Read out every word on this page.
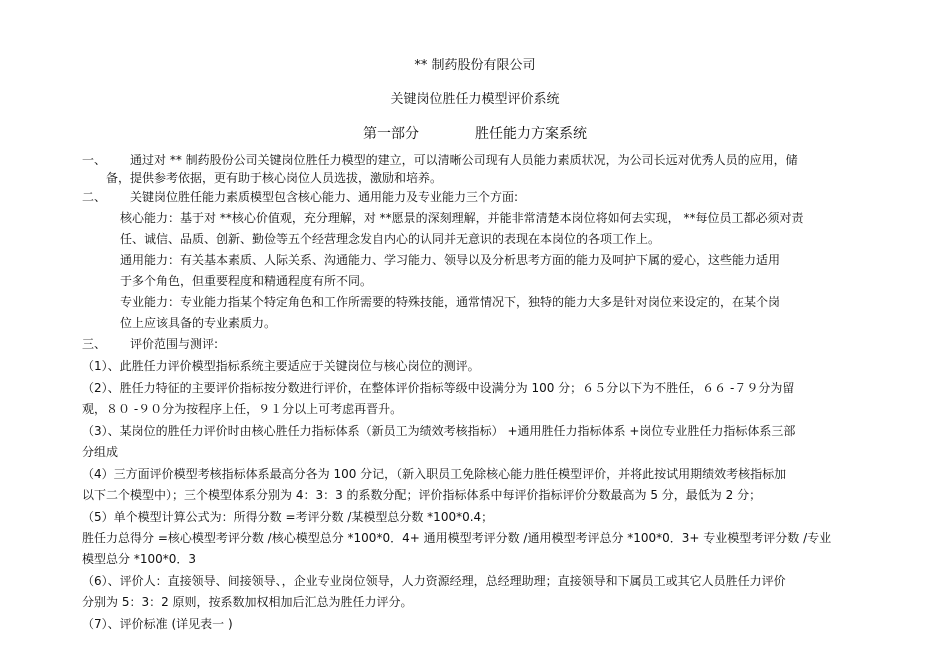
** 制药股份有限公司
关键岗位胜任力模型评价系统
第一部分	胜任能力方案系统
一、 通过对 ** 制药股份公司关键岗位胜任力模型的建立，可以清晰公司现有人员能力素质状况，为公司长远对优秀人员的应用，储
备，提供参考依据，更有助于核心岗位人员选拔，激励和培养。
二、 关键岗位胜任能力素质模型包含核心能力、通用能力及专业能力三个方面:
核心能力：基于对 **核心价值观，充分理解，对 **愿景的深刻理解，并能非常清楚本岗位将如何去实现， **每位员工都必须对责
任、诚信、品质、创新、勤俭等五个经营理念发自内心的认同并无意识的表现在本岗位的各项工作上。
通用能力：有关基本素质、人际关系、沟通能力、学习能力、领导以及分析思考方面的能力及呵护下属的爱心，这些能力适用
于多个角色，但重要程度和精通程度有所不同。
专业能力：专业能力指某个特定角色和工作所需要的特殊技能，通常情况下，独特的能力大多是针对岗位来设定的，在某个岗
位上应该具备的专业素质力。
三、 评价范围与测评:
（1）、此胜任力评价模型指标系统主要适应于关键岗位与核心岗位的测评。
（2）、胜任力特征的主要评价指标按分数进行评价，在整体评价指标等级中设满分为 100 分；６５分以下为不胜任，６６ -７９分为留
观，８０ -９０分为按程序上任，９１分以上可考虑再晋升。
（3）、某岗位的胜任力评价时由核心胜任力指标体系（新员工为绩效考核指标） +通用胜任力指标体系 +岗位专业胜任力指标体系三部
分组成
（4）三方面评价模型考核指标体系最高分各为 100 分记，（新入职员工免除核心能力胜任模型评价，并将此按试用期绩效考核指标加
以下二个模型中）；三个模型体系分别为 4：3：3 的系数分配；评价指标体系中每评价指标评价分数最高为 5 分，最低为 2 分；
（5）单个模型计算公式为：所得分数 =考评分数 /某模型总分数 *100*0.4；
胜任力总得分 =核心模型考评分数 /核心模型总分 *100*0．4+ 通用模型考评分数 /通用模型考评总分 *100*0．3+ 专业模型考评分数 /专业
模型总分 *100*0．3
（6）、评价人：直接领导、间接领导、，企业专业岗位领导，人力资源经理，总经理助理；直接领导和下属员工或其它人员胜任力评价
分别为 5：3：2 原则，按系数加权相加后汇总为胜任力评分。
（7）、评价标准 (详见表一 )
